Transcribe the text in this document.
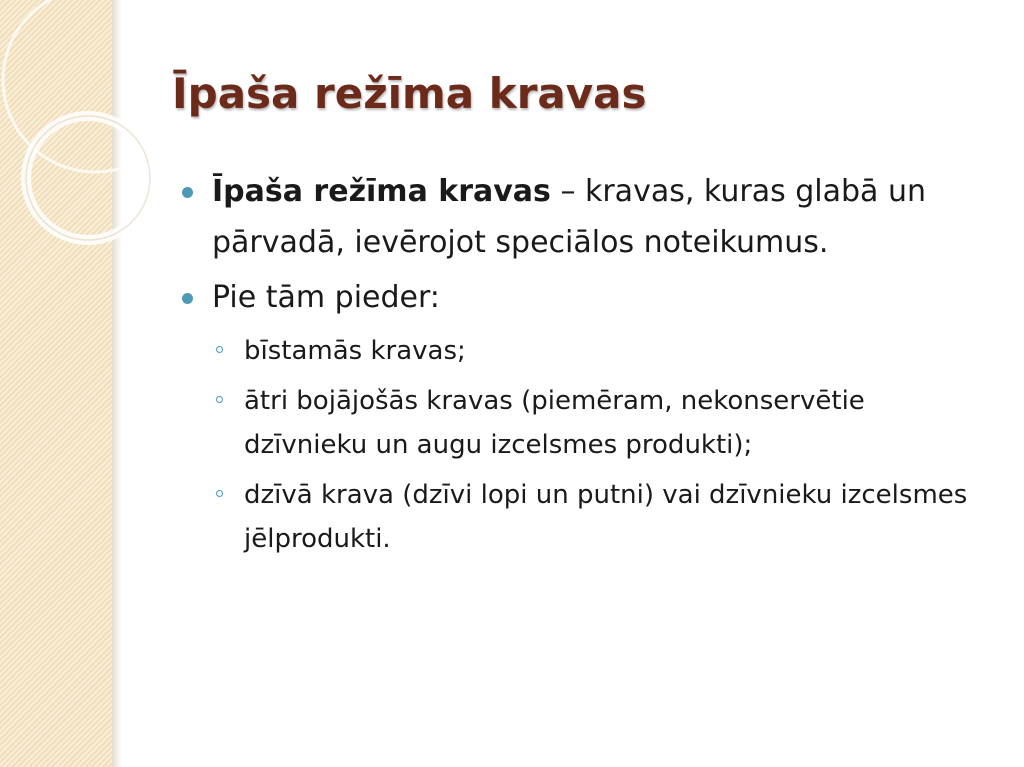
Īpaša režīma kravas
Īpaša režīma kravas – kravas, kuras glabā un pārvadā, ievērojot speciālos noteikumus.
Pie tām pieder:
bīstamās kravas;
ātri bojājošās kravas (piemēram, nekonservētie dzīvnieku un augu izcelsmes produkti);
dzīvā krava (dzīvi lopi un putni) vai dzīvnieku izcelsmes jēlprodukti.
